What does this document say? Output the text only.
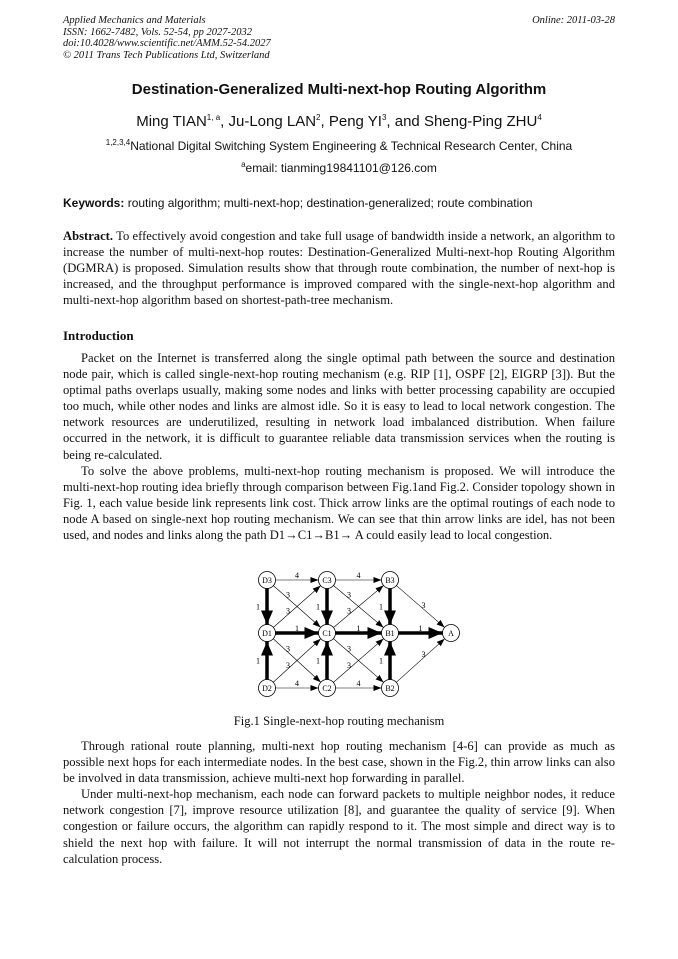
Applied Mechanics and Materials
ISSN: 1662-7482, Vols. 52-54, pp 2027-2032
doi:10.4028/www.scientific.net/AMM.52-54.2027
© 2011 Trans Tech Publications Ltd, Switzerland
Online: 2011-03-28
Destination-Generalized Multi-next-hop Routing Algorithm
Ming TIAN$^{1, a}$, Ju-Long LAN$^2$, Peng $YI^3$, and Sheng-Ping ZHU$^4$
$^{1,2,3,4}$National Digital Switching System Engineering & Technical Research Center, China
$^a$email: tianming19841101@126.com
Keywords: routing algorithm; multi-next-hop; destination-generalized; route combination

Abstract. To effectively avoid congestion and take full usage of bandwidth inside a network, an algorithm to increase the number of multi-next-hop routes: Destination-Generalized Multi-next-hop Routing Algorithm (DGMRA) is proposed. Simulation results show that through route combination, the number of next-hop is increased, and the throughput performance is improved compared with the single-next-hop algorithm and multi-next-hop algorithm based on shortest-path-tree mechanism.

Introduction

Packet on the Internet is transferred along the single optimal path between the source and destination node pair, which is called single-next-hop routing mechanism (e.g. RIP [1], OSPF [2], EIGRP [3]). But the optimal paths overlaps usually, making some nodes and links with better processing capability are occupied too much, while other nodes and links are almost idle. So it is easy to lead to local network congestion. The network resources are underutilized, resulting in network load imbalanced distribution. When failure occurred in the network, it is difficult to guarantee reliable data transmission services when the routing is being re-calculated.

To solve the above problems, multi-next-hop routing mechanism is proposed. We will introduce the multi-next-hop routing idea briefly through comparison between Fig.1and Fig.2. Consider topology shown in Fig. 1, each value beside link represents link cost. Thick arrow links are the optimal routings of each node to node A based on single-next hop routing mechanism. We can see that thin arrow links are idel, has not been used, and nodes and links along the path D1→C1→B1→ A could easily lead to local congestion.

1
1
1
1
1
1
1
1
1
4	4
4	4
3
3
3
3
3
3
3
3
3
3
D3	C3	B3
D1	C1	B1	A
D2	C2	B2
Fig.1 Single-next-hop routing mechanism

Through rational route planning, multi-next hop routing mechanism [4-6] can provide as much as possible next hops for each intermediate nodes. In the best case, shown in the Fig.2, thin arrow links can also be involved in data transmission, achieve multi-next hop forwarding in parallel.

Under multi-next-hop mechanism, each node can forward packets to multiple neighbor nodes, it reduce network congestion [7], improve resource utilization [8], and guarantee the quality of service [9]. When congestion or failure occurs, the algorithm can rapidly respond to it. The most simple and direct way is to shield the next hop with failure. It will not interrupt the normal transmission of data in the route re-calculation process.
